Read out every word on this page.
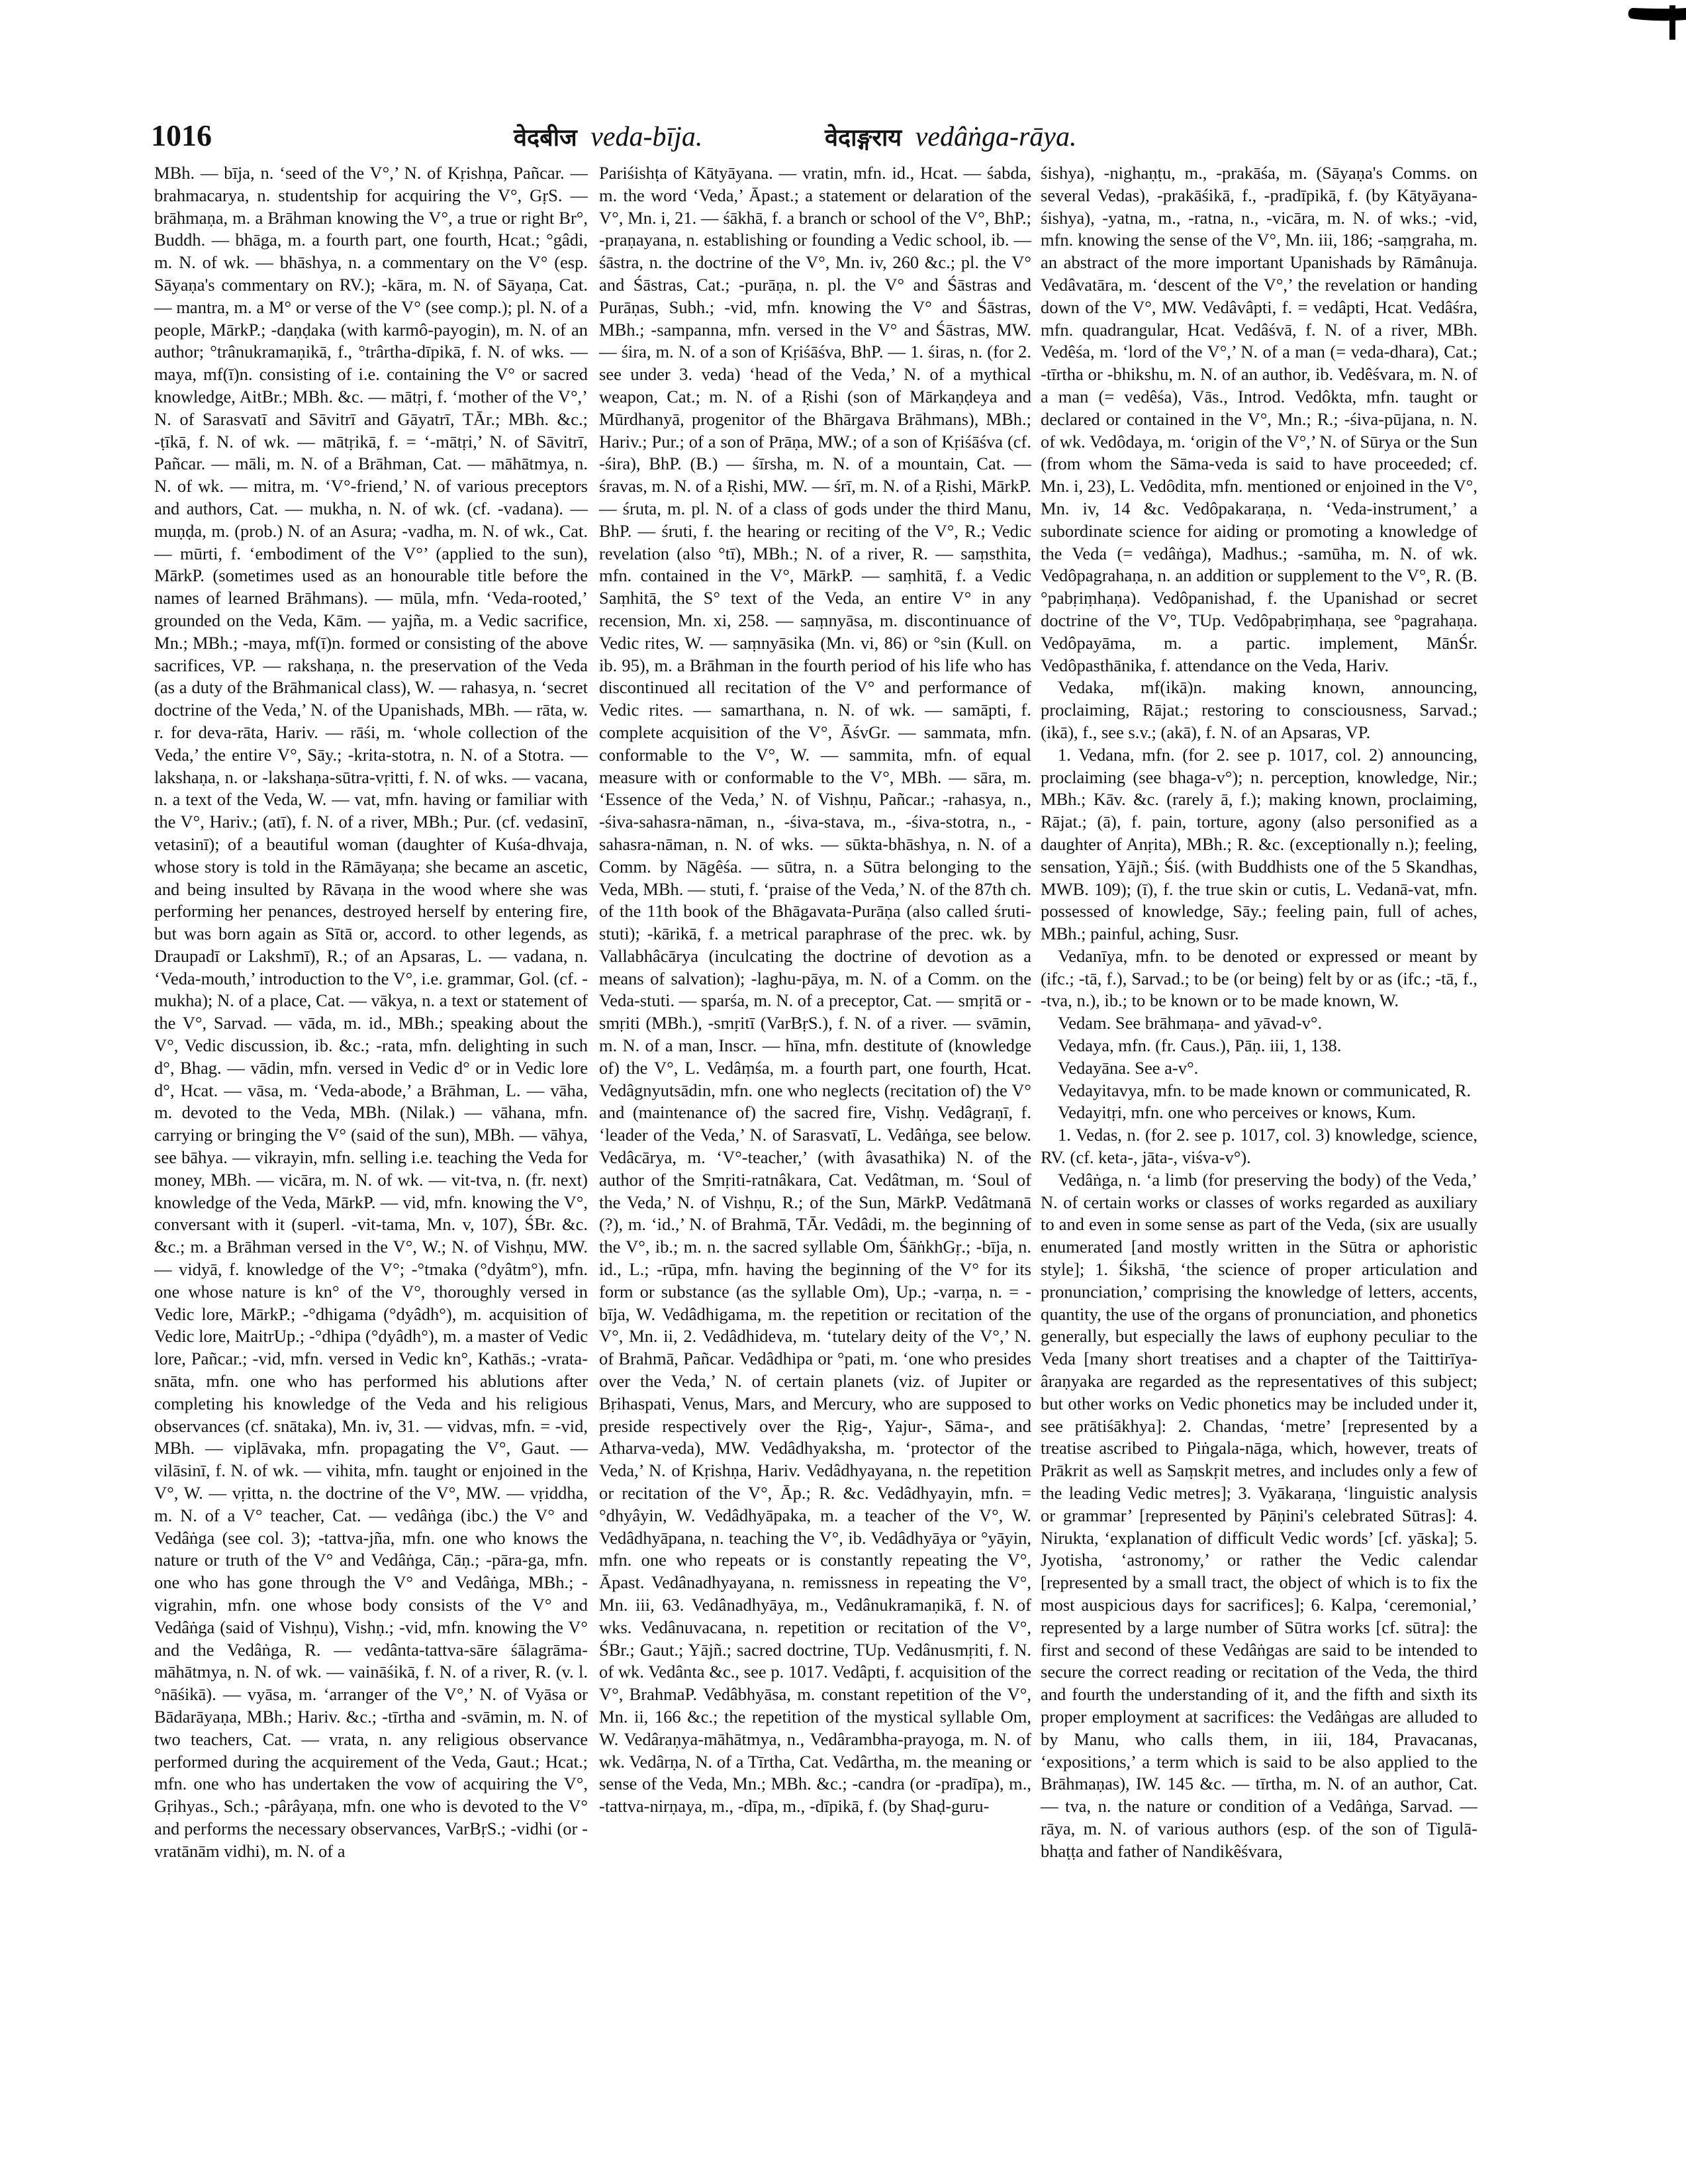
1016	वेदबीज veda-bīja.	वेदाङ्गराय vedâṅga-rāya.

MBh. — bīja, n. ‘seed of the V°,’ N. of Kṛishṇa, Pañcar. — brahmacarya, n. studentship for acquiring the V°, GṛS. — brāhmaṇa, m. a Brāhman knowing the V°, a true or right Br°, Buddh. — bhāga, m. a fourth part, one fourth, Hcat.; °gâdi, m. N. of wk. — bhāshya, n. a commentary on the V° (esp. Sāyaṇa's commentary on RV.); -kāra, m. N. of Sāyaṇa, Cat. — mantra, m. a M° or verse of the V° (see comp.); pl. N. of a people, MārkP.; -daṇḍaka (with karmô-payogin), m. N. of an author; °trânukramaṇikā, f., °trârtha-dīpikā, f. N. of wks. — maya, mf(ī)n. consisting of i.e. containing the V° or sacred knowledge, AitBr.; MBh. &c. — mātṛi, f. ‘mother of the V°,’ N. of Sarasvatī and Sāvitrī and Gāyatrī, TĀr.; MBh. &c.; -ṭīkā, f. N. of wk. — mātṛikā, f. = ‘-mātṛi,’ N. of Sāvitrī, Pañcar. — māli, m. N. of a Brāhman, Cat. — māhātmya, n. N. of wk. — mitra, m. ‘V°-friend,’ N. of various preceptors and authors, Cat. — mukha, n. N. of wk. (cf. -vadana). — muṇḍa, m. (prob.) N. of an Asura; -vadha, m. N. of wk., Cat. — mūrti, f. ‘embodiment of the V°’ (applied to the sun), MārkP. (sometimes used as an honourable title before the names of learned Brāhmans). — mūla, mfn. ‘Veda-rooted,’ grounded on the Veda, Kām. — yajña, m. a Vedic sacrifice, Mn.; MBh.; -maya, mf(ī)n. formed or consisting of the above sacrifices, VP. — rakshaṇa, n. the preservation of the Veda (as a duty of the Brāhmanical class), W. — rahasya, n. ‘secret doctrine of the Veda,’ N. of the Upanishads, MBh. — rāta, w. r. for deva-rāta, Hariv. — rāśi, m. ‘whole collection of the Veda,’ the entire V°, Sāy.; -krita-stotra, n. N. of a Stotra. — lakshaṇa, n. or -lakshaṇa-sūtra-vṛitti, f. N. of wks. — vacana, n. a text of the Veda, W. — vat, mfn. having or familiar with the V°, Hariv.; (atī), f. N. of a river, MBh.; Pur. (cf. vedasinī, vetasinī); of a beautiful woman (daughter of Kuśa-dhvaja, whose story is told in the Rāmāyaṇa; she became an ascetic, and being insulted by Rāvaṇa in the wood where she was performing her penances, destroyed herself by entering fire, but was born again as Sītā or, accord. to other legends, as Draupadī or Lakshmī), R.; of an Apsaras, L. — vadana, n. ‘Veda-mouth,’ introduction to the V°, i.e. grammar, Gol. (cf. -mukha); N. of a place, Cat. — vākya, n. a text or statement of the V°, Sarvad. — vāda, m. id., MBh.; speaking about the V°, Vedic discussion, ib. &c.; -rata, mfn. delighting in such d°, Bhag. — vādin, mfn. versed in Vedic d° or in Vedic lore d°, Hcat. — vāsa, m. ‘Veda-abode,’ a Brāhman, L. — vāha, m. devoted to the Veda, MBh. (Nilak.) — vāhana, mfn. carrying or bringing the V° (said of the sun), MBh. — vāhya, see bāhya. — vikrayin, mfn. selling i.e. teaching the Veda for money, MBh. — vicāra, m. N. of wk. — vit-tva, n. (fr. next) knowledge of the Veda, MārkP. — vid, mfn. knowing the V°, conversant with it (superl. -vit-tama, Mn. v, 107), ŚBr. &c. &c.; m. a Brāhman versed in the V°, W.; N. of Vishṇu, MW. — vidyā, f. knowledge of the V°; -°tmaka (°dyâtm°), mfn. one whose nature is kn° of the V°, thoroughly versed in Vedic lore, MārkP.; -°dhigama (°dyâdh°), m. acquisition of Vedic lore, MaitrUp.; -°dhipa (°dyâdh°), m. a master of Vedic lore, Pañcar.; -vid, mfn. versed in Vedic kn°, Kathās.; -vrata-snāta, mfn. one who has performed his ablutions after completing his knowledge of the Veda and his religious observances (cf. snātaka), Mn. iv, 31. — vidvas, mfn. = -vid, MBh. — viplāvaka, mfn. propagating the V°, Gaut. — vilāsinī, f. N. of wk. — vihita, mfn. taught or enjoined in the V°, W. — vṛitta, n. the doctrine of the V°, MW. — vṛiddha, m. N. of a V° teacher, Cat. — vedâṅga (ibc.) the V° and Vedâṅga (see col. 3); -tattva-jña, mfn. one who knows the nature or truth of the V° and Vedâṅga, Cāṇ.; -pāra-ga, mfn. one who has gone through the V° and Vedâṅga, MBh.; -vigrahin, mfn. one whose body consists of the V° and Vedâṅga (said of Vishṇu), Vishṇ.; -vid, mfn. knowing the V° and the Vedâṅga, R. — vedânta-tattva-sāre śālagrāma-māhātmya, n. N. of wk. — vaināśikā, f. N. of a river, R. (v. l. °nāśikā). — vyāsa, m. ‘arranger of the V°,’ N. of Vyāsa or Bādarāyaṇa, MBh.; Hariv. &c.; -tīrtha and -svāmin, m. N. of two teachers, Cat. — vrata, n. any religious observance performed during the acquirement of the Veda, Gaut.; Hcat.; mfn. one who has undertaken the vow of acquiring the V°, Gṛihyas., Sch.; -pârâyaṇa, mfn. one who is devoted to the V° and performs the necessary observances, VarBṛS.; -vidhi (or -vratānām vidhi), m. N. of a

Pariśishṭa of Kātyāyana. — vratin, mfn. id., Hcat. — śabda, m. the word ‘Veda,’ Āpast.; a statement or delaration of the V°, Mn. i, 21. — śākhā, f. a branch or school of the V°, BhP.; -praṇayana, n. establishing or founding a Vedic school, ib. — śāstra, n. the doctrine of the V°, Mn. iv, 260 &c.; pl. the V° and Śāstras, Cat.; -purāṇa, n. pl. the V° and Śāstras and Purāṇas, Subh.; -vid, mfn. knowing the V° and Śāstras, MBh.; -sampanna, mfn. versed in the V° and Śāstras, MW. — śira, m. N. of a son of Kṛiśāśva, BhP. — 1. śiras, n. (for 2. see under 3. veda) ‘head of the Veda,’ N. of a mythical weapon, Cat.; m. N. of a Ṛishi (son of Mārkaṇḍeya and Mūrdhanyā, progenitor of the Bhārgava Brāhmans), MBh.; Hariv.; Pur.; of a son of Prāṇa, MW.; of a son of Kṛiśāśva (cf. -śira), BhP. (B.) — śīrsha, m. N. of a mountain, Cat. — śravas, m. N. of a Ṛishi, MW. — śrī, m. N. of a Ṛishi, MārkP. — śruta, m. pl. N. of a class of gods under the third Manu, BhP. — śruti, f. the hearing or reciting of the V°, R.; Vedic revelation (also °tī), MBh.; N. of a river, R. — saṃsthita, mfn. contained in the V°, MārkP. — saṃhitā, f. a Vedic Saṃhitā, the S° text of the Veda, an entire V° in any recension, Mn. xi, 258. — saṃnyāsa, m. discontinuance of Vedic rites, W. — saṃnyāsika (Mn. vi, 86) or °sin (Kull. on ib. 95), m. a Brāhman in the fourth period of his life who has discontinued all recitation of the V° and performance of Vedic rites. — samarthana, n. N. of wk. — samāpti, f. complete acquisition of the V°, ĀśvGr. — sammata, mfn. conformable to the V°, W. — sammita, mfn. of equal measure with or conformable to the V°, MBh. — sāra, m. ‘Essence of the Veda,’ N. of Vishṇu, Pañcar.; -rahasya, n., -śiva-sahasra-nāman, n., -śiva-stava, m., -śiva-stotra, n., -sahasra-nāman, n. N. of wks. — sūkta-bhāshya, n. N. of a Comm. by Nāgêśa. — sūtra, n. a Sūtra belonging to the Veda, MBh. — stuti, f. ‘praise of the Veda,’ N. of the 87th ch. of the 11th book of the Bhāgavata-Purāṇa (also called śruti-stuti); -kārikā, f. a metrical paraphrase of the prec. wk. by Vallabhâcārya (inculcating the doctrine of devotion as a means of salvation); -laghu-pāya, m. N. of a Comm. on the Veda-stuti. — sparśa, m. N. of a preceptor, Cat. — smṛitā or -smṛiti (MBh.), -smṛitī (VarBṛS.), f. N. of a river. — svāmin, m. N. of a man, Inscr. — hīna, mfn. destitute of (knowledge of) the V°, L. Vedâṃśa, m. a fourth part, one fourth, Hcat. Vedâgnyutsādin, mfn. one who neglects (recitation of) the V° and (maintenance of) the sacred fire, Vishṇ. Vedâgraṇī, f. ‘leader of the Veda,’ N. of Sarasvatī, L. Vedâṅga, see below. Vedâcārya, m. ‘V°-teacher,’ (with âvasathika) N. of the author of the Smṛiti-ratnâkara, Cat. Vedâtman, m. ‘Soul of the Veda,’ N. of Vishṇu, R.; of the Sun, MārkP. Vedâtmanā (?), m. ‘id.,’ N. of Brahmā, TĀr. Vedâdi, m. the beginning of the V°, ib.; m. n. the sacred syllable Om, ŚāṅkhGṛ.; -bīja, n. id., L.; -rūpa, mfn. having the beginning of the V° for its form or substance (as the syllable Om), Up.; -varṇa, n. = -bīja, W. Vedâdhigama, m. the repetition or recitation of the V°, Mn. ii, 2. Vedâdhideva, m. ‘tutelary deity of the V°,’ N. of Brahmā, Pañcar. Vedâdhipa or °pati, m. ‘one who presides over the Veda,’ N. of certain planets (viz. of Jupiter or Bṛihaspati, Venus, Mars, and Mercury, who are supposed to preside respectively over the Ṛig-, Yajur-, Sāma-, and Atharva-veda), MW. Vedâdhyaksha, m. ‘protector of the Veda,’ N. of Kṛishṇa, Hariv. Vedâdhyayana, n. the repetition or recitation of the V°, Āp.; R. &c. Vedâdhyayin, mfn. = °dhyâyin, W. Vedâdhyāpaka, m. a teacher of the V°, W. Vedâdhyāpana, n. teaching the V°, ib. Vedâdhyāya or °yāyin, mfn. one who repeats or is constantly repeating the V°, Āpast. Vedânadhyayana, n. remissness in repeating the V°, Mn. iii, 63. Vedânadhyāya, m., Vedânukramaṇikā, f. N. of wks. Vedânuvacana, n. repetition or recitation of the V°, ŚBr.; Gaut.; Yājñ.; sacred doctrine, TUp. Vedânusmṛiti, f. N. of wk. Vedânta &c., see p. 1017. Vedâpti, f. acquisition of the V°, BrahmaP. Vedâbhyāsa, m. constant repetition of the V°, Mn. ii, 166 &c.; the repetition of the mystical syllable Om, W. Vedâraṇya-māhātmya, n., Vedârambha-prayoga, m. N. of wk. Vedârṇa, N. of a Tīrtha, Cat. Vedârtha, m. the meaning or sense of the Veda, Mn.; MBh. &c.; -candra (or -pradīpa), m., -tattva-nirṇaya, m., -dīpa, m., -dīpikā, f. (by Shaḍ-guru-

śishya), -nighaṇṭu, m., -prakāśa, m. (Sāyaṇa's Comms. on several Vedas), -prakāśikā, f., -pradīpikā, f. (by Kātyāyana-śishya), -yatna, m., -ratna, n., -vicāra, m. N. of wks.; -vid, mfn. knowing the sense of the V°, Mn. iii, 186; -saṃgraha, m. an abstract of the more important Upanishads by Rāmânuja. Vedâvatāra, m. ‘descent of the V°,’ the revelation or handing down of the V°, MW. Vedâvâpti, f. = vedâpti, Hcat. Vedâśra, mfn. quadrangular, Hcat. Vedâśvā, f. N. of a river, MBh. Vedêśa, m. ‘lord of the V°,’ N. of a man (= veda-dhara), Cat.; -tīrtha or -bhikshu, m. N. of an author, ib. Vedêśvara, m. N. of a man (= vedêśa), Vās., Introd. Vedôkta, mfn. taught or declared or contained in the V°, Mn.; R.; -śiva-pūjana, n. N. of wk. Vedôdaya, m. ‘origin of the V°,’ N. of Sūrya or the Sun (from whom the Sāma-veda is said to have proceeded; cf. Mn. i, 23), L. Vedôdita, mfn. mentioned or enjoined in the V°, Mn. iv, 14 &c. Vedôpakaraṇa, n. ‘Veda-instrument,’ a subordinate science for aiding or promoting a knowledge of the Veda (= vedâṅga), Madhus.; -samūha, m. N. of wk. Vedôpagrahaṇa, n. an addition or supplement to the V°, R. (B. °pabṛiṃhaṇa). Vedôpanishad, f. the Upanishad or secret doctrine of the V°, TUp. Vedôpabṛiṃhaṇa, see °pagrahaṇa. Vedôpayāma, m. a partic. implement, MānŚr. Vedôpasthānika, f. attendance on the Veda, Hariv.

Vedaka, mf(ikā)n. making known, announcing, proclaiming, Rājat.; restoring to consciousness, Sarvad.; (ikā), f., see s.v.; (akā), f. N. of an Apsaras, VP.

1. Vedana, mfn. (for 2. see p. 1017, col. 2) announcing, proclaiming (see bhaga-v°); n. perception, knowledge, Nir.; MBh.; Kāv. &c. (rarely ā, f.); making known, proclaiming, Rājat.; (ā), f. pain, torture, agony (also personified as a daughter of Anṛita), MBh.; R. &c. (exceptionally n.); feeling, sensation, Yājñ.; Śiś. (with Buddhists one of the 5 Skandhas, MWB. 109); (ī), f. the true skin or cutis, L. Vedanā-vat, mfn. possessed of knowledge, Sāy.; feeling pain, full of aches, MBh.; painful, aching, Susr.

Vedanīya, mfn. to be denoted or expressed or meant by (ifc.; -tā, f.), Sarvad.; to be (or being) felt by or as (ifc.; -tā, f., -tva, n.), ib.; to be known or to be made known, W.

Vedam. See brāhmaṇa- and yāvad-v°.

Vedaya, mfn. (fr. Caus.), Pāṇ. iii, 1, 138.

Vedayāna. See a-v°.

Vedayitavya, mfn. to be made known or communicated, R.

Vedayitṛi, mfn. one who perceives or knows, Kum.

1. Vedas, n. (for 2. see p. 1017, col. 3) knowledge, science, RV. (cf. keta-, jāta-, viśva-v°).

Vedâṅga, n. ‘a limb (for preserving the body) of the Veda,’ N. of certain works or classes of works regarded as auxiliary to and even in some sense as part of the Veda, (six are usually enumerated [and mostly written in the Sūtra or aphoristic style]; 1. Śikshā, ‘the science of proper articulation and pronunciation,’ comprising the knowledge of letters, accents, quantity, the use of the organs of pronunciation, and phonetics generally, but especially the laws of euphony peculiar to the Veda [many short treatises and a chapter of the Taittirīya-âraṇyaka are regarded as the representatives of this subject; but other works on Vedic phonetics may be included under it, see prātiśākhya]: 2. Chandas, ‘metre’ [represented by a treatise ascribed to Piṅgala-nāga, which, however, treats of Prākrit as well as Saṃskṛit metres, and includes only a few of the leading Vedic metres]; 3. Vyākaraṇa, ‘linguistic analysis or grammar’ [represented by Pāṇini's celebrated Sūtras]: 4. Nirukta, ‘explanation of difficult Vedic words’ [cf. yāska]; 5. Jyotisha, ‘astronomy,’ or rather the Vedic calendar [represented by a small tract, the object of which is to fix the most auspicious days for sacrifices]; 6. Kalpa, ‘ceremonial,’ represented by a large number of Sūtra works [cf. sūtra]: the first and second of these Vedâṅgas are said to be intended to secure the correct reading or recitation of the Veda, the third and fourth the understanding of it, and the fifth and sixth its proper employment at sacrifices: the Vedâṅgas are alluded to by Manu, who calls them, in iii, 184, Pravacanas, ‘expositions,’ a term which is said to be also applied to the Brāhmaṇas), IW. 145 &c. — tīrtha, m. N. of an author, Cat. — tva, n. the nature or condition of a Vedâṅga, Sarvad. — rāya, m. N. of various authors (esp. of the son of Tigulā-bhaṭṭa and father of Nandikêśvara,
